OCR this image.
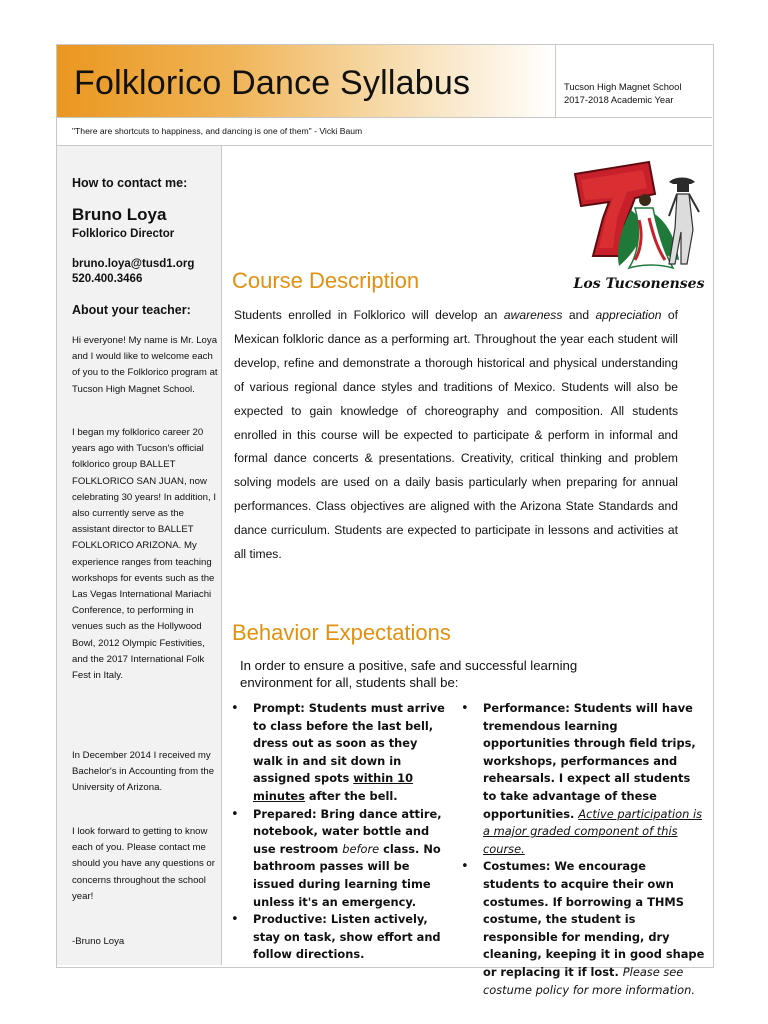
Folklorico Dance Syllabus	Tucson High Magnet School
2017-2018 Academic Year
"There are shortcuts to happiness, and dancing is one of them" - Vicki Baum
How to contact me:
Bruno Loya
Folklorico Director
bruno.loya@tusd1.org
520.400.3466
About your teacher:
Hi everyone! My name is Mr. Loya and I would like to welcome each of you to the Folklorico program at Tucson High Magnet School.
I began my folklorico career 20 years ago with Tucson's official folklorico group BALLET FOLKLORICO SAN JUAN, now celebrating 30 years! In addition, I also currently serve as the assistant director to BALLET FOLKLORICO ARIZONA. My experience ranges from teaching workshops for events such as the Las Vegas International Mariachi Conference, to performing in venues such as the Hollywood Bowl, 2012 Olympic Festivities, and the 2017 International Folk Fest in Italy.
In December 2014 I received my Bachelor's in Accounting from the University of Arizona.
I look forward to getting to know each of you. Please contact me should you have any questions or concerns throughout the school year!
-Bruno Loya
Los Tucsonenses
Course Description
Students enrolled in Folklorico will develop an awareness and appreciation of Mexican folkloric dance as a performing art. Throughout the year each student will develop, refine and demonstrate a thorough historical and physical understanding of various regional dance styles and traditions of Mexico. Students will also be expected to gain knowledge of choreography and composition. All students enrolled in this course will be expected to participate & perform in informal and formal dance concerts & presentations. Creativity, critical thinking and problem solving models are used on a daily basis particularly when preparing for annual performances. Class objectives are aligned with the Arizona State Standards and dance curriculum. Students are expected to participate in lessons and activities at all times.
Behavior Expectations
In order to ensure a positive, safe and successful learning
environment for all, students shall be:
• Prompt: Students must arrive to class before the last bell, dress out as soon as they walk in and sit down in assigned spots within 10 minutes after the bell.
• Prepared: Bring dance attire, notebook, water bottle and use restroom before class. No bathroom passes will be issued during learning time unless it's an emergency.
• Productive: Listen actively, stay on task, show effort and follow directions.
• Performance: Students will have tremendous learning opportunities through field trips, workshops, performances and rehearsals. I expect all students to take advantage of these opportunities. Active participation is a major graded component of this course.
• Costumes: We encourage students to acquire their own costumes. If borrowing a THMS costume, the student is responsible for mending, dry cleaning, keeping it in good shape or replacing it if lost. Please see costume policy for more information.
